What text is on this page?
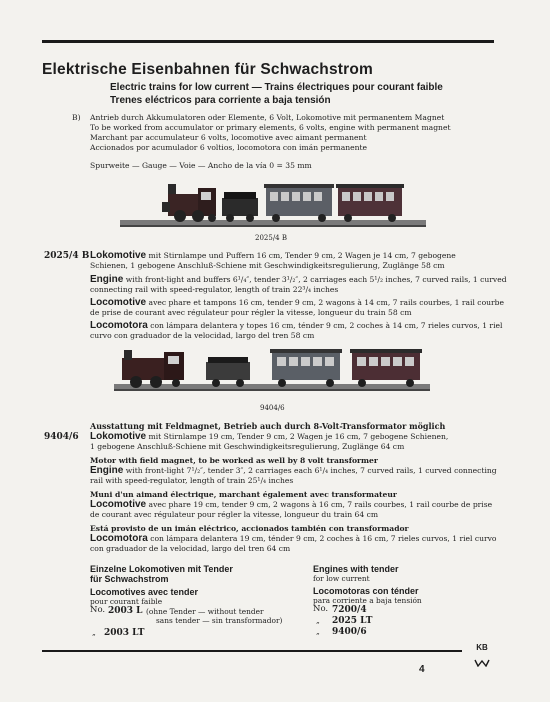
Elektrische Eisenbahnen für Schwachstrom
Electric trains for low current — Trains électriques pour courant faible
Trenes eléctricos para corriente a baja tensión
B) Antrieb durch Akkumulatoren oder Elemente, 6 Volt, Lokomotive mit permanentem Magnet
To be worked from accumulator or primary elements, 6 volts, engine with permanent magnet
Marchant par accumulateur 6 volts, locomotive avec aimant permanent
Accionados por acumulador 6 voltios, locomotora con imán permanente
Spurweite — Gauge — Voie — Ancho de la vía 0 = 35 mm
2025/4 B
2025/4 B Lokomotive mit Stirnlampe und Puffern 16 cm, Tender 9 cm, 2 Wagen je 14 cm, 7 gebogene
Schienen, 1 gebogene Anschluß-Schiene mit Geschwindigkeitsregulierung, Zuglänge 58 cm
Engine with front-light and buffers 6¹/₄″, tender 3¹/₂″, 2 carriages each 5¹/₂ inches, 7 curved rails, 1 curved
connecting rail with speed-regulator, length of train 22³/₄ inches
Locomotive avec phare et tampons 16 cm, tender 9 cm, 2 wagons à 14 cm, 7 rails courbes, 1 rail courbe
de prise de courant avec régulateur pour régler la vitesse, longueur du train 58 cm
Locomotora con lámpara delantera y topes 16 cm, ténder 9 cm, 2 coches à 14 cm, 7 rieles curvos, 1 riel
curvo con graduador de la velocidad, largo del tren 58 cm
9404/6
Ausstattung mit Feldmagnet, Betrieb auch durch 8-Volt-Transformator möglich
9404/6 Lokomotive mit Stirnlampe 19 cm, Tender 9 cm, 2 Wagen je 16 cm, 7 gebogene Schienen,
1 gebogene Anschluß-Schiene mit Geschwindigkeitsregulierung, Zuglänge 64 cm
Motor with field magnet, to be worked as well by 8 volt transformer
Engine with front-light 7¹/₂″, tender 3″, 2 carriages each 6¹/₄ inches, 7 curved rails, 1 curved connecting
rail with speed-regulator, length of train 25¹/₄ inches
Muni d'un aimand électrique, marchant également avec transformateur
Locomotive avec phare 19 cm, tender 9 cm, 2 wagons à 16 cm, 7 rails courbes, 1 rail courbe de prise
de courant avec régulateur pour régler la vitesse, longueur du train 64 cm
Está provisto de un imán eléctrico, accionados también con transformador
Locomotora con lámpara delantera 19 cm, ténder 9 cm, 2 coches à 16 cm, 7 rieles curvos, 1 riel curvo
con graduador de la velocidad, largo del tren 64 cm
Einzelne Lokomotiven mit Tender
für Schwachstrom
Locomotives avec tender
pour courant faible
No. 2003 L (ohne Tender — without tender
sans tender — sin transformador)
„ 2003 LT
Engines with tender
for low current
Locomotoras con ténder
para corriente a baja tensión
No. 7200/4
„ 2025 LT
„ 9400/6
KB
4
